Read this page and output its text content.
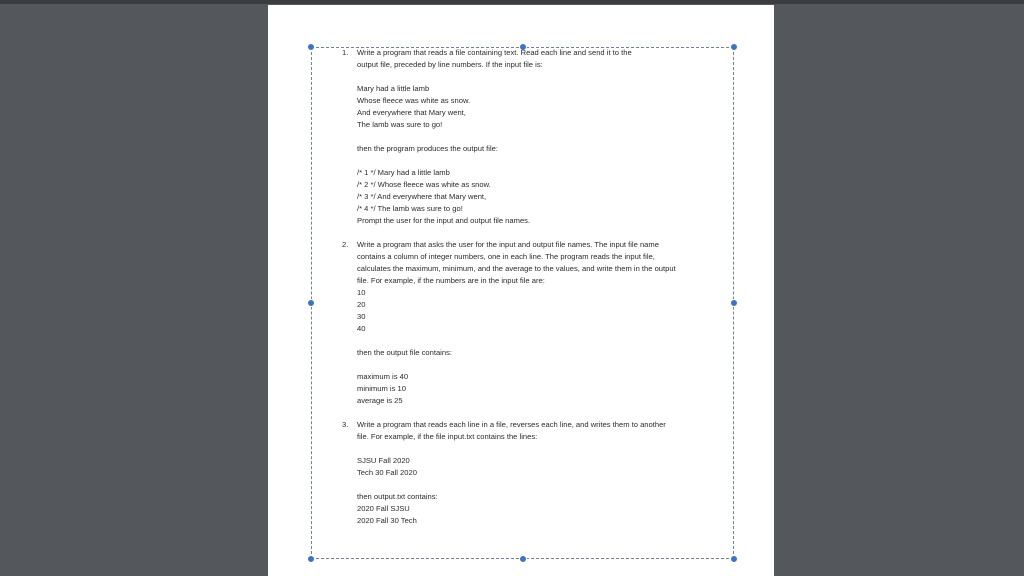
1. Write a program that reads a file containing text. Read each line and send it to the
output file, preceded by line numbers. If the input file is:
Mary had a little lamb
Whose fleece was white as snow.
And everywhere that Mary went,
The lamb was sure to go!
then the program produces the output file:
/* 1 */ Mary had a little lamb
/* 2 */ Whose fleece was white as snow.
/* 3 */ And everywhere that Mary went,
/* 4 */ The lamb was sure to go!
Prompt the user for the input and output file names.
2. Write a program that asks the user for the input and output file names. The input file name
contains a column of integer numbers, one in each line. The program reads the input file,
calculates the maximum, minimum, and the average to the values, and write them in the output
file. For example, if the numbers are in the input file are:
10
20
30
40
then the output file contains:
maximum is 40
minimum is 10
average is 25
3. Write a program that reads each line in a file, reverses each line, and writes them to another
file. For example, if the file input.txt contains the lines:
SJSU Fall 2020
Tech 30 Fall 2020
then output.txt contains:
2020 Fall SJSU
2020 Fall 30 Tech
